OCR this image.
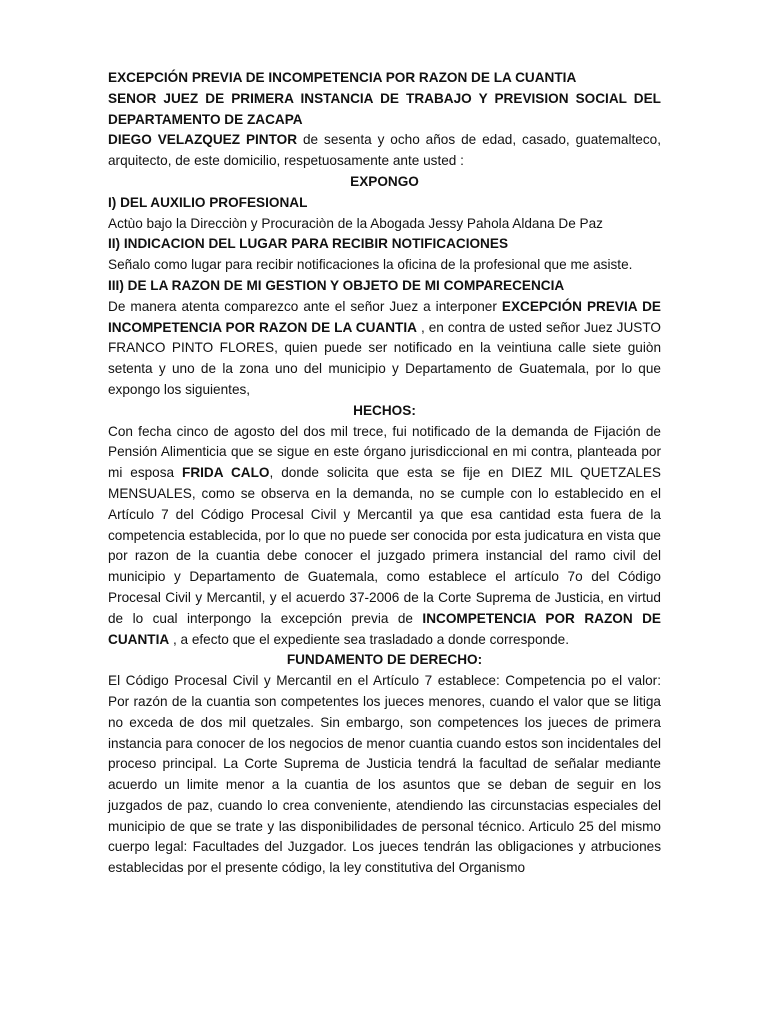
EXCEPCIÓN PREVIA DE INCOMPETENCIA POR RAZON DE LA CUANTIA

SENOR JUEZ DE PRIMERA INSTANCIA DE TRABAJO Y PREVISION SOCIAL DEL DEPARTAMENTO DE ZACAPA

DIEGO VELAZQUEZ PINTOR de sesenta y ocho años de edad, casado, guatemalteco, arquitecto, de este domicilio, respetuosamente ante usted :

EXPONGO

I) DEL AUXILIO PROFESIONAL

Actùo bajo la Direcciòn y Procuraciòn de la Abogada Jessy Pahola Aldana De Paz

II) INDICACION DEL LUGAR PARA RECIBIR NOTIFICACIONES

Señalo como lugar para recibir notificaciones la oficina de la profesional que me asiste.

III) DE LA RAZON DE MI GESTION Y OBJETO DE MI COMPARECENCIA

De manera atenta comparezco ante el señor Juez a interponer EXCEPCIÓN PREVIA DE INCOMPETENCIA POR RAZON DE LA CUANTIA , en contra de usted señor Juez JUSTO FRANCO PINTO FLORES, quien puede ser notificado en la veintiuna calle siete guiòn setenta y uno de la zona uno del municipio y Departamento de Guatemala, por lo que expongo los siguientes,

HECHOS:

Con fecha cinco de agosto del dos mil trece, fui notificado de la demanda de Fijación de Pensión Alimenticia que se sigue en este órgano jurisdiccional en mi contra, planteada por mi esposa FRIDA CALO, donde solicita que esta se fije en DIEZ MIL QUETZALES MENSUALES, como se observa en la demanda, no se cumple con lo establecido en el Artículo 7 del Código Procesal Civil y Mercantil ya que esa cantidad esta fuera de la competencia establecida, por lo que no puede ser conocida por esta judicatura en vista que por razon de la cuantia debe conocer el juzgado primera instancial del ramo civil del municipio y Departamento de Guatemala, como establece el artículo 7o del Código Procesal Civil y Mercantil, y el acuerdo 37-2006 de la Corte Suprema de Justicia, en virtud de lo cual interpongo la excepción previa de INCOMPETENCIA POR RAZON DE CUANTIA , a efecto que el expediente sea trasladado a donde corresponde.

FUNDAMENTO DE DERECHO:

El Código Procesal Civil y Mercantil en el Artículo 7 establece: Competencia po el valor: Por razón de la cuantia son competentes los jueces menores, cuando el valor que se litiga no exceda de dos mil quetzales. Sin embargo, son competences los jueces de primera instancia para conocer de los negocios de menor cuantia cuando estos son incidentales del proceso principal. La Corte Suprema de Justicia tendrá la facultad de señalar mediante acuerdo un limite menor a la cuantia de los asuntos que se deban de seguir en los juzgados de paz, cuando lo crea conveniente, atendiendo las circunstacias especiales del municipio de que se trate y las disponibilidades de personal técnico. Articulo 25 del mismo cuerpo legal: Facultades del Juzgador. Los jueces tendrán las obligaciones y atrbuciones establecidas por el presente código, la ley constitutiva del Organismo
